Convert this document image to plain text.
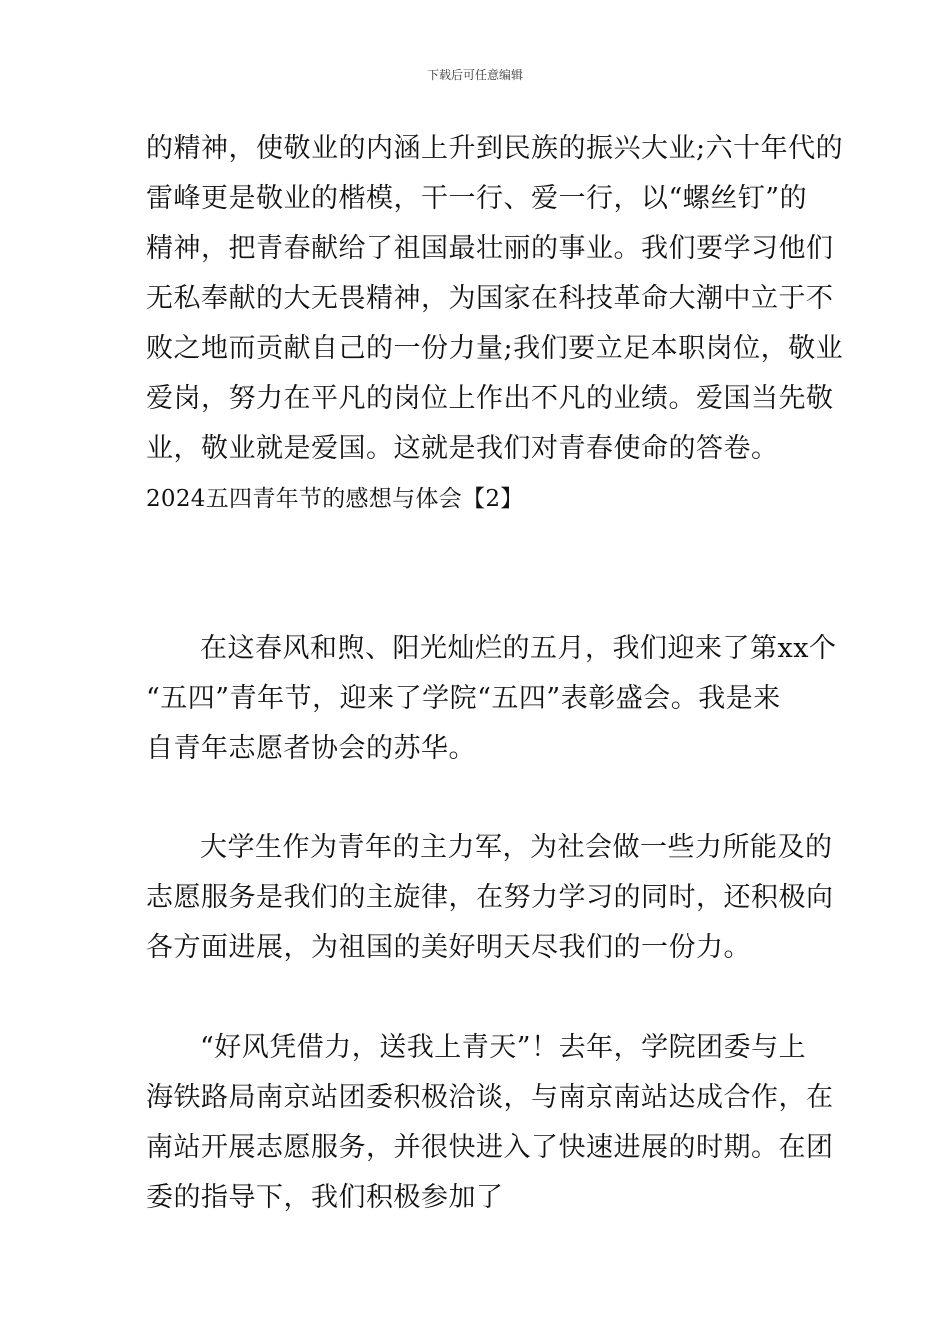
下载后可任意编辑
的精神，使敬业的内涵上升到民族的振兴大业;六十年代的
雷峰更是敬业的楷模，干一行、爱一行，以“螺丝钉”的
精神，把青春献给了祖国最壮丽的事业。我们要学习他们
无私奉献的大无畏精神，为国家在科技革命大潮中立于不
败之地而贡献自己的一份力量;我们要立足本职岗位，敬业
爱岗，努力在平凡的岗位上作出不凡的业绩。爱国当先敬
业，敬业就是爱国。这就是我们对青春使命的答卷。
2024五四青年节的感想与体会【2】
在这春风和煦、阳光灿烂的五月，我们迎来了第xx个
“五四”青年节，迎来了学院“五四”表彰盛会。我是来
自青年志愿者协会的苏华。
大学生作为青年的主力军，为社会做一些力所能及的
志愿服务是我们的主旋律，在努力学习的同时，还积极向
各方面进展，为祖国的美好明天尽我们的一份力。
“好风凭借力，送我上青天”！去年，学院团委与上
海铁路局南京站团委积极洽谈，与南京南站达成合作，在
南站开展志愿服务，并很快进入了快速进展的时期。在团
委的指导下，我们积极参加了
